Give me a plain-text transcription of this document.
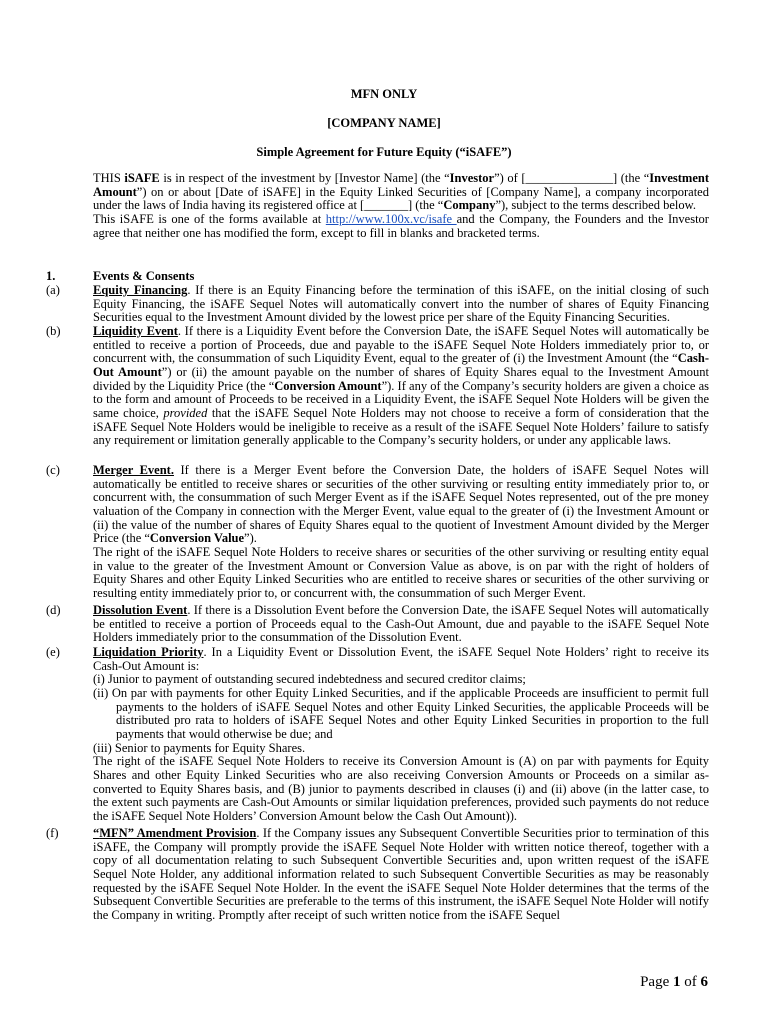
MFN ONLY
[COMPANY NAME]
Simple Agreement for Future Equity (“iSAFE”)

THIS iSAFE is in respect of the investment by [Investor Name] (the “Investor”) of [______________] (the “Investment Amount”) on or about [Date of iSAFE] in the Equity Linked Securities of [Company Name], a company incorporated under the laws of India having its registered office at [_______] (the “Company”), subject to the terms described below.

This iSAFE is one of the forms available at http://www.100x.vc/isafe and the Company, the Founders and the Investor agree that neither one has modified the form, except to fill in blanks and bracketed terms.

1.	Events & Consents
(a)	Equity Financing. If there is an Equity Financing before the termination of this iSAFE, on the initial closing of such Equity Financing, the iSAFE Sequel Notes will automatically convert into the number of shares of Equity Financing Securities equal to the Investment Amount divided by the lowest price per share of the Equity Financing Securities.

(b)	Liquidity Event. If there is a Liquidity Event before the Conversion Date, the iSAFE Sequel Notes will automatically be entitled to receive a portion of Proceeds, due and payable to the iSAFE Sequel Note Holders immediately prior to, or concurrent with, the consummation of such Liquidity Event, equal to the greater of (i) the Investment Amount (the “Cash-Out Amount”) or (ii) the amount payable on the number of shares of Equity Shares equal to the Investment Amount divided by the Liquidity Price (the “Conversion Amount”). If any of the Company’s security holders are given a choice as to the form and amount of Proceeds to be received in a Liquidity Event, the iSAFE Sequel Note Holders will be given the same choice, provided that the iSAFE Sequel Note Holders may not choose to receive a form of consideration that the iSAFE Sequel Note Holders would be ineligible to receive as a result of the iSAFE Sequel Note Holders’ failure to satisfy any requirement or limitation generally applicable to the Company’s security holders, or under any applicable laws.

(c)	Merger Event. If there is a Merger Event before the Conversion Date, the holders of iSAFE Sequel Notes will automatically be entitled to receive shares or securities of the other surviving or resulting entity immediately prior to, or concurrent with, the consummation of such Merger Event as if the iSAFE Sequel Notes represented, out of the pre money valuation of the Company in connection with the Merger Event, value equal to the greater of (i) the Investment Amount or (ii) the value of the number of shares of Equity Shares equal to the quotient of Investment Amount divided by the Merger Price (the “Conversion Value”).

The right of the iSAFE Sequel Note Holders to receive shares or securities of the other surviving or resulting entity equal in value to the greater of the Investment Amount or Conversion Value as above, is on par with the right of holders of Equity Shares and other Equity Linked Securities who are entitled to receive shares or securities of the other surviving or resulting entity immediately prior to, or concurrent with, the consummation of such Merger Event.

(d)	Dissolution Event. If there is a Dissolution Event before the Conversion Date, the iSAFE Sequel Notes will automatically be entitled to receive a portion of Proceeds equal to the Cash-Out Amount, due and payable to the iSAFE Sequel Note Holders immediately prior to the consummation of the Dissolution Event.

(e)	Liquidation Priority. In a Liquidity Event or Dissolution Event, the iSAFE Sequel Note Holders’ right to receive its Cash-Out Amount is:

(i) Junior to payment of outstanding secured indebtedness and secured creditor claims;

(ii) On par with payments for other Equity Linked Securities, and if the applicable Proceeds are insufficient to permit full payments to the holders of iSAFE Sequel Notes and other Equity Linked Securities, the applicable Proceeds will be distributed pro rata to holders of iSAFE Sequel Notes and other Equity Linked Securities in proportion to the full payments that would otherwise be due; and

(iii) Senior to payments for Equity Shares.

The right of the iSAFE Sequel Note Holders to receive its Conversion Amount is (A) on par with payments for Equity Shares and other Equity Linked Securities who are also receiving Conversion Amounts or Proceeds on a similar as-converted to Equity Shares basis, and (B) junior to payments described in clauses (i) and (ii) above (in the latter case, to the extent such payments are Cash-Out Amounts or similar liquidation preferences, provided such payments do not reduce the iSAFE Sequel Note Holders’ Conversion Amount below the Cash Out Amount)).

(f)	“MFN” Amendment Provision. If the Company issues any Subsequent Convertible Securities prior to termination of this iSAFE, the Company will promptly provide the iSAFE Sequel Note Holder with written notice thereof, together with a copy of all documentation relating to such Subsequent Convertible Securities and, upon written request of the iSAFE Sequel Note Holder, any additional information related to such Subsequent Convertible Securities as may be reasonably requested by the iSAFE Sequel Note Holder. In the event the iSAFE Sequel Note Holder determines that the terms of the Subsequent Convertible Securities are preferable to the terms of this instrument, the iSAFE Sequel Note Holder will notify the Company in writing. Promptly after receipt of such written notice from the iSAFE Sequel

Page 1 of 6
